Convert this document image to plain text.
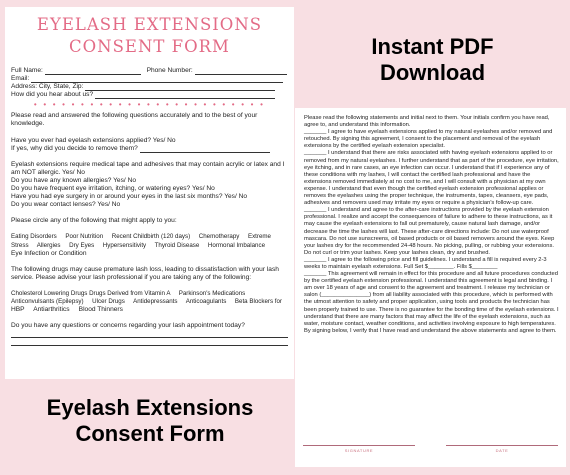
EYELASH EXTENSIONS
CONSENT FORM
Full Name:	Phone Number:
Email:
Address: City, State, Zip:
How did you hear about us?
• • • • • • • • • • • • • • • • • • • • • • • • •
Please read and answered the following questions accurately and to the best of your knowledge.
Have you ever had eyelash extensions applied? Yes/ No
If yes, why did you decide to remove them?
Eyelash extensions require medical tape and adhesives that may contain acrylic or latex and I am NOT allergic. Yes/ No
Do you have any known allergies? Yes/ No
Do you have frequent eye irritation, itching, or watering eyes? Yes/ No
Have you had eye surgery in or around your eyes in the last six months? Yes/ No
Do you wear contact lenses? Yes/ No
Please circle any of the following that might apply to you:
Eating Disorders     Poor Nutrition     Recent Childbirth (120 days)     Chemotherapy     Extreme
Stress     Allergies     Dry Eyes     Hypersensitivity     Thyroid Disease     Hormonal Imbalance
Eye Infection or Condition
The following drugs may cause premature lash loss, leading to dissatisfaction with your lash service. Please advise your lash professional if you are taking any of the following:
Cholesterol Lowering Drugs Drugs Derived from Vitamin A     Parkinson's Medications
Anticonvulsants (Epilepsy)     Ulcer Drugs     Antidepressants     Anticoagulants     Beta Blockers for
HBP     Antiarthritics     Blood Thinners
Do you have any questions or concerns regarding your lash appointment today?
Please read the following statements and initial next to them. Your initials confirm you have read, agree to, and understand this information.
_______ I agree to have eyelash extensions applied to my natural eyelashes and/or removed and retouched. By signing this agreement, I consent to the placement and removal of the eyelash extensions by the certified eyelash extension specialist.
_______ I understand that there are risks associated with having eyelash extensions applied to or removed from my natural eyelashes. I further understand that as part of the procedure, eye irritation, eye itching, and in rare cases, an eye infection can occur. I understand that if I experience any of these conditions with my lashes, I will contact the certified lash professional and have the extensions removed immediately at no cost to me, and I will consult with a physician at my own expense. I understand that even though the certified eyelash extension professional applies or removes the eyelashes using the proper technique, the instruments, tapes, cleansers, eye pads, adhesives and removers used may irritate my eyes or require a physician's follow-up care.
_______ I understand and agree to the after-care instructions provided by the eyelash extension professional. I realize and accept the consequences of failure to adhere to these instructions, as it may cause the eyelash extensions to fall out prematurely, cause natural lash damage, and/or decrease the time the lashes will last. These after-care directions include: Do not use waterproof mascara. Do not use sunscreens, oil based products or oil based removers around the eyes. Keep your lashes dry for the recommended 24-48 hours. No picking, pulling, or rubbing your extensions. Do not curl or trim your lashes. Keep your lashes clean, dry and brushed.
_______ I agree to the following price and fill guidelines. I understand a fill is required every 2-3 weeks to maintain eyelash extensions. Full Set $________. Fills $________
_______ This agreement will remain in effect for this procedure and all future procedures conducted by the certified eyelash extension professional. I understand this agreement is legal and binding. I am over 18 years of age and consent to the agreement and treatment. I release my technician or salon (_______________) from all liability associated with this procedure, which is performed with the utmost attention to safety and proper application, using tools and products the technician has been properly trained to use. There is no guarantee for the bonding time of the eyelash extensions. I understand that there are many factors that may affect the life of the eyelash extensions, such as water, moisture contact, weather conditions, and activities involving exposure to high temperatures. By signing below, I verify that I have read and understand the above statements and agree to them.
SIGNATURE	DATE
Instant PDF
Download
Eyelash Extensions
Consent Form
